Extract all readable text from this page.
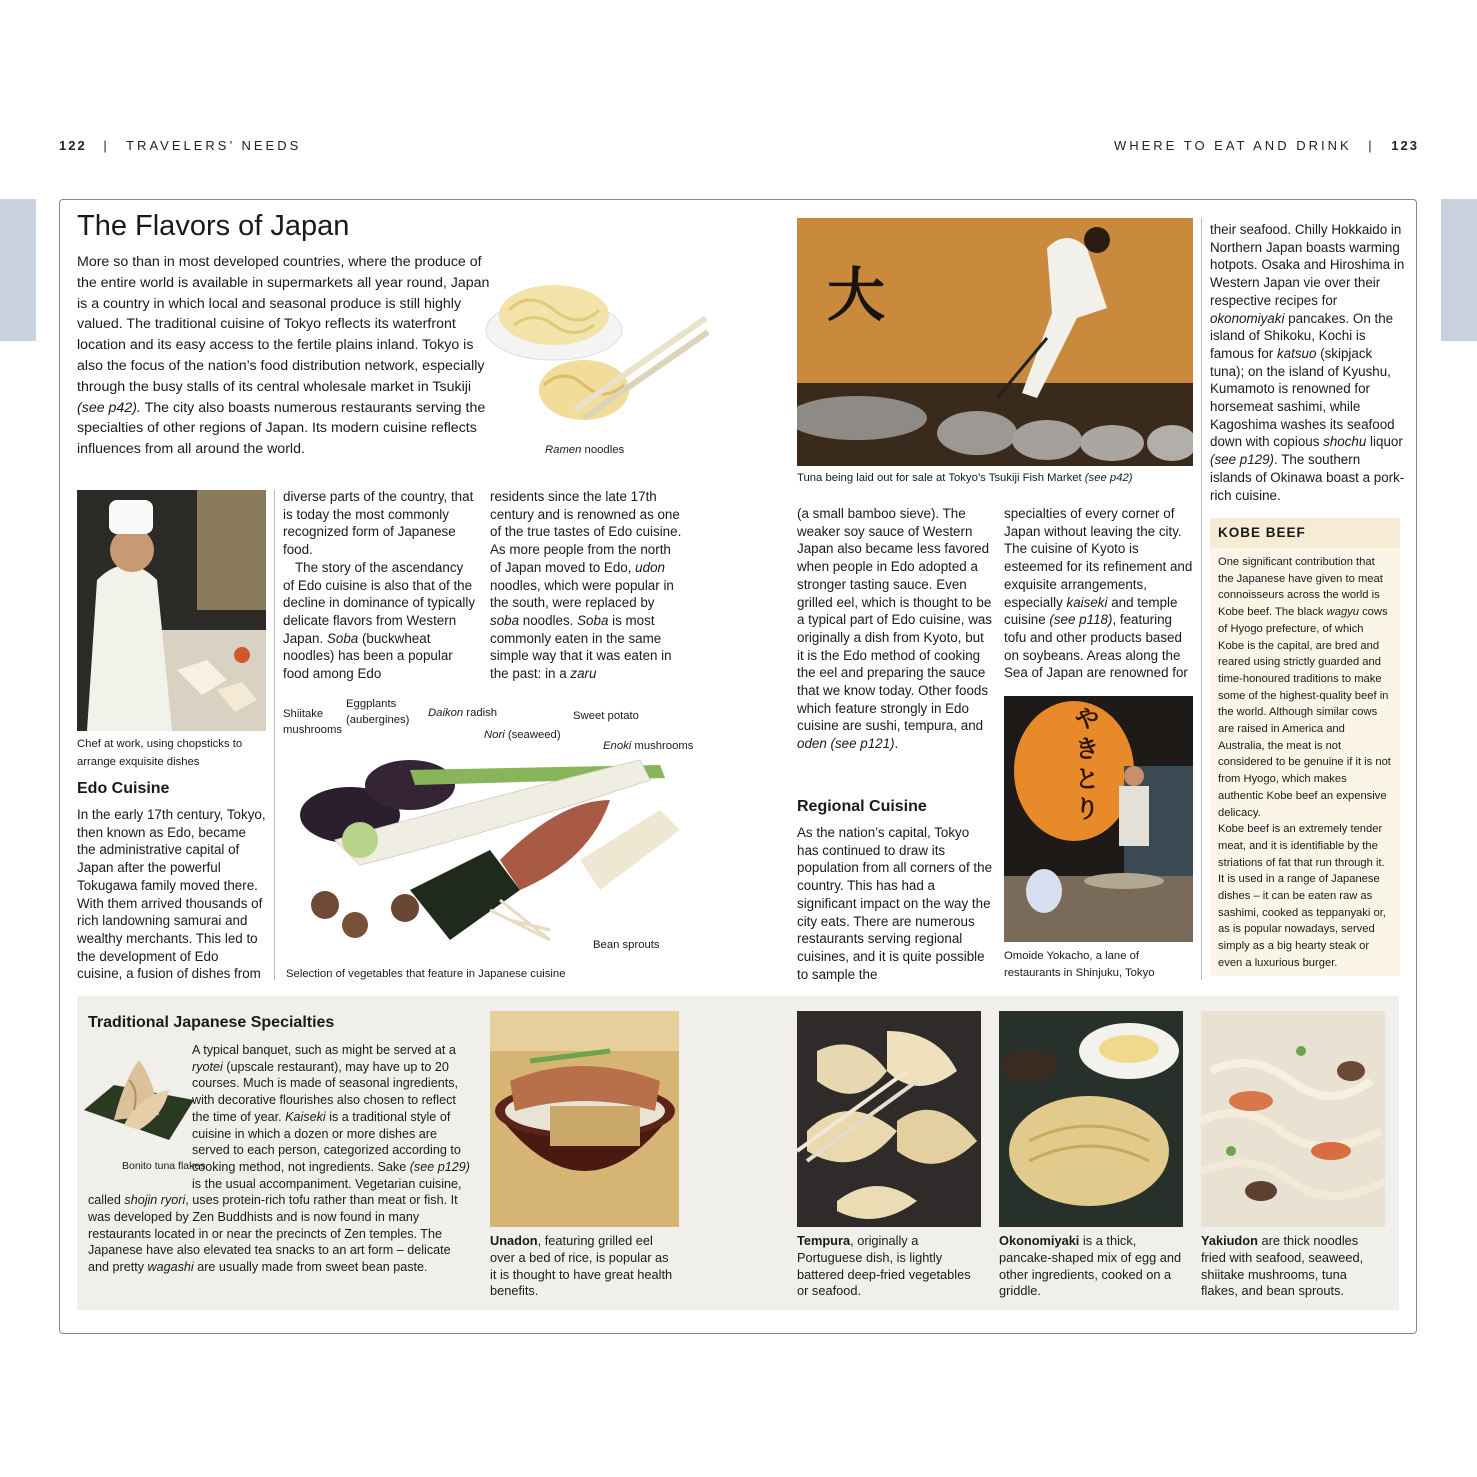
122 | TRAVELERS’ NEEDS	WHERE TO EAT AND DRINK | 123
The Flavors of Japan

More so than in most developed countries, where the produce of the entire world is available in supermarkets all year round, Japan is a country in which local and seasonal produce is still highly valued. The traditional cuisine of Tokyo reflects its waterfront location and its easy access to the fertile plains inland. Tokyo is also the focus of the nation’s food distribution network, especially through the busy stalls of its central wholesale market in Tsukiji (see p42). The city also boasts numerous restaurants serving the specialties of other regions of Japan. Its modern cuisine reflects influences from all around the world.	Ramen noodles
Chef at work, using chopsticks to arrange exquisite dishes
Edo Cuisine
In the early 17th century, Tokyo, then known as Edo, became the administrative capital of Japan after the powerful Tokugawa family moved there. With them arrived thousands of rich landowning samurai and wealthy merchants. This led to the development of Edo cuisine, a fusion of dishes from

diverse parts of the country, that is today the most commonly recognized form of Japanese food.

The story of the ascendancy of Edo cuisine is also that of the decline in dominance of typically delicate flavors from Western Japan. Soba (buckwheat noodles) has been a popular food among Edo

residents since the late 17th century and is renowned as one of the true tastes of Edo cuisine. As more people from the north of Japan moved to Edo, udon noodles, which were popular in the south, were replaced by soba noodles. Soba is most commonly eaten in the same simple way that it was eaten in the past: in a zaru
Shiitake mushrooms
Eggplants (aubergines)
Daikon radish
Nori (seaweed)
Sweet potato
Enoki mushrooms
Bean sprouts
Selection of vegetables that feature in Japanese cuisine
大
Tuna being laid out for sale at Tokyo’s Tsukiji Fish Market (see p42)
(a small bamboo sieve). The weaker soy sauce of Western Japan also became less favored when people in Edo adopted a stronger tasting sauce. Even grilled eel, which is thought to be a typical part of Edo cuisine, was originally a dish from Kyoto, but it is the Edo method of cooking the eel and preparing the sauce that we know today. Other foods which feature strongly in Edo cuisine are sushi, tempura, and oden (see p121).
Regional Cuisine
As the nation’s capital, Tokyo has continued to draw its population from all corners of the country. This has had a significant impact on the way the city eats. There are numerous restaurants serving regional cuisines, and it is quite possible to sample the
specialties of every corner of Japan without leaving the city. The cuisine of Kyoto is esteemed for its refinement and exquisite arrangements, especially kaiseki and temple cuisine (see p118), featuring tofu and other products based on soybeans. Areas along the Sea of Japan are renowned for
やきとり
Omoide Yokacho, a lane of restaurants in Shinjuku, Tokyo
their seafood. Chilly Hokkaido in Northern Japan boasts warming hotpots. Osaka and Hiroshima in Western Japan vie over their respective recipes for okonomiyaki pancakes. On the island of Shikoku, Kochi is famous for katsuo (skipjack tuna); on the island of Kyushu, Kumamoto is renowned for horsemeat sashimi, while Kagoshima washes its seafood down with copious shochu liquor (see p129). The southern islands of Okinawa boast a pork-rich cuisine.
KOBE BEEF
One significant contribution that the Japanese have given to meat connoisseurs across the world is Kobe beef. The black wagyu cows of Hyogo prefecture, of which Kobe is the capital, are bred and reared using strictly guarded and time-honoured traditions to make some of the highest-quality beef in the world. Although similar cows are raised in America and Australia, the meat is not considered to be genuine if it is not from Hyogo, which makes authentic Kobe beef an expensive delicacy.
Kobe beef is an extremely tender meat, and it is identifiable by the striations of fat that run through it. It is used in a range of Japanese dishes – it can be eaten raw as sashimi, cooked as teppanyaki or, as is popular nowadays, served simply as a big hearty steak or even a luxurious burger.
Traditional Japanese Specialties
Bonito tuna flakes
A typical banquet, such as might be served at a ryotei (upscale restaurant), may have up to 20 courses. Much is made of seasonal ingredients, with decorative flourishes also chosen to reflect the time of year. Kaiseki is a traditional style of cuisine in which a dozen or more dishes are served to each person, categorized according to cooking method, not ingredients. Sake (see p129) is the usual accompaniment. Vegetarian cuisine, called shojin ryori, uses protein-rich tofu rather than meat or fish. It was developed by Zen Buddhists and is now found in many restaurants located in or near the precincts of Zen temples. The Japanese have also elevated tea snacks to an art form – delicate and pretty wagashi are usually made from sweet bean paste.
Unadon, featuring grilled eel over a bed of rice, is popular as it is thought to have great health benefits.
Tempura, originally a Portuguese dish, is lightly battered deep-fried vegetables or seafood.
Okonomiyaki is a thick, pancake-shaped mix of egg and other ingredients, cooked on a griddle.
Yakiudon are thick noodles fried with seafood, seaweed, shiitake mushrooms, tuna flakes, and bean sprouts.
